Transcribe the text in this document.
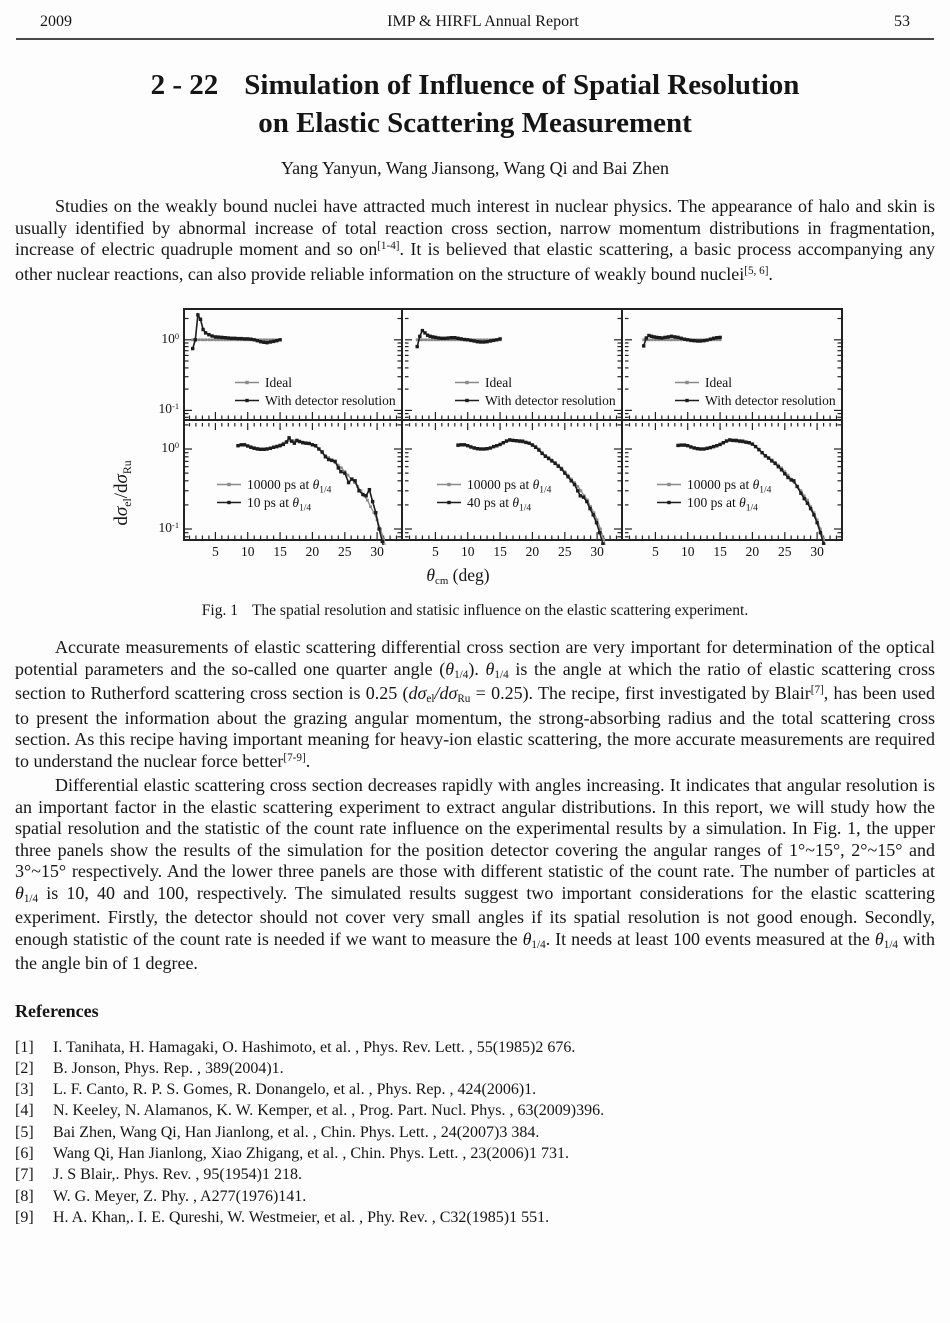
2009	IMP & HIRFL Annual Report	53
2 - 22 Simulation of Influence of Spatial Resolution
on Elastic Scattering Measurement
Yang Yanyun, Wang Jiansong, Wang Qi and Bai Zhen

Studies on the weakly bound nuclei have attracted much interest in nuclear physics. The appearance of halo and skin is usually identified by abnormal increase of total reaction cross section, narrow momentum distributions in fragmentation, increase of electric quadruple moment and so on[1-4]. It is believed that elastic scattering, a basic process accompanying any other nuclear reactions, can also provide reliable information on the structure of weakly bound nuclei[5, 6].

$d\sigma_{el}/d\sigma_{Ru}$
$10^0$
$10^{-1}$
$10^0$
$10^{-1}$
Ideal
With detector resolution
Ideal
With detector resolution
Ideal
With detector resolution
10000 ps at $\theta_{1/4}$
10 ps at $\theta_{1/4}$
5 10 15 20 25 30
10000 ps at $\theta_{1/4}$
40 ps at $\theta_{1/4}$
5 10 15 20 25 30
10000 ps at $\theta_{1/4}$
100 ps at $\theta_{1/4}$
5 10 15 20 25 30
$\theta_{cm}$ (deg)
Fig. 1 The spatial resolution and statisic influence on the elastic scattering experiment.

Accurate measurements of elastic scattering differential cross section are very important for determination of the optical potential parameters and the so-called one quarter angle $(\theta_{1/4})$. $\theta_{1/4}$ is the angle at which the ratio of elastic scattering cross section to Rutherford scattering cross section is 0.25 $(d\sigma_{el}/d\sigma_{Ru} = 0.25)$. The recipe, first investigated by Blair[7], has been used to present the information about the grazing angular momentum, the strong-absorbing radius and the total scattering cross section. As this recipe having important meaning for heavy-ion elastic scattering, the more accurate measurements are required to understand the nuclear force better[7-9].

Differential elastic scattering cross section decreases rapidly with angles increasing. It indicates that angular resolution is an important factor in the elastic scattering experiment to extract angular distributions. In this report, we will study how the spatial resolution and the statistic of the count rate influence on the experimental results by a simulation. In Fig. 1, the upper three panels show the results of the simulation for the position detector covering the angular ranges of 1°~15°, 2°~15° and 3°~15° respectively. And the lower three panels are those with different statistic of the count rate. The number of particles at $\theta_{1/4}$ is 10, 40 and 100, respectively. The simulated results suggest two important considerations for the elastic scattering experiment. Firstly, the detector should not cover very small angles if its spatial resolution is not good enough. Secondly, enough statistic of the count rate is needed if we want to measure the $\theta_{1/4}$. It needs at least 100 events measured at the $\theta_{1/4}$ with the angle bin of 1 degree.

References
[1]	I. Tanihata, H. Hamagaki, O. Hashimoto, et al. , Phys. Rev. Lett. , 55(1985)2 676.
[2]	B. Jonson, Phys. Rep. , 389(2004)1.
[3]	L. F. Canto, R. P. S. Gomes, R. Donangelo, et al. , Phys. Rep. , 424(2006)1.
[4]	N. Keeley, N. Alamanos, K. W. Kemper, et al. , Prog. Part. Nucl. Phys. , 63(2009)396.
[5]	Bai Zhen, Wang Qi, Han Jianlong, et al. , Chin. Phys. Lett. , 24(2007)3 384.
[6]	Wang Qi, Han Jianlong, Xiao Zhigang, et al. , Chin. Phys. Lett. , 23(2006)1 731.
[7]	J. S Blair,. Phys. Rev. , 95(1954)1 218.
[8]	W. G. Meyer, Z. Phy. , A277(1976)141.
[9]	H. A. Khan,. I. E. Qureshi, W. Westmeier, et al. , Phy. Rev. , C32(1985)1 551.
